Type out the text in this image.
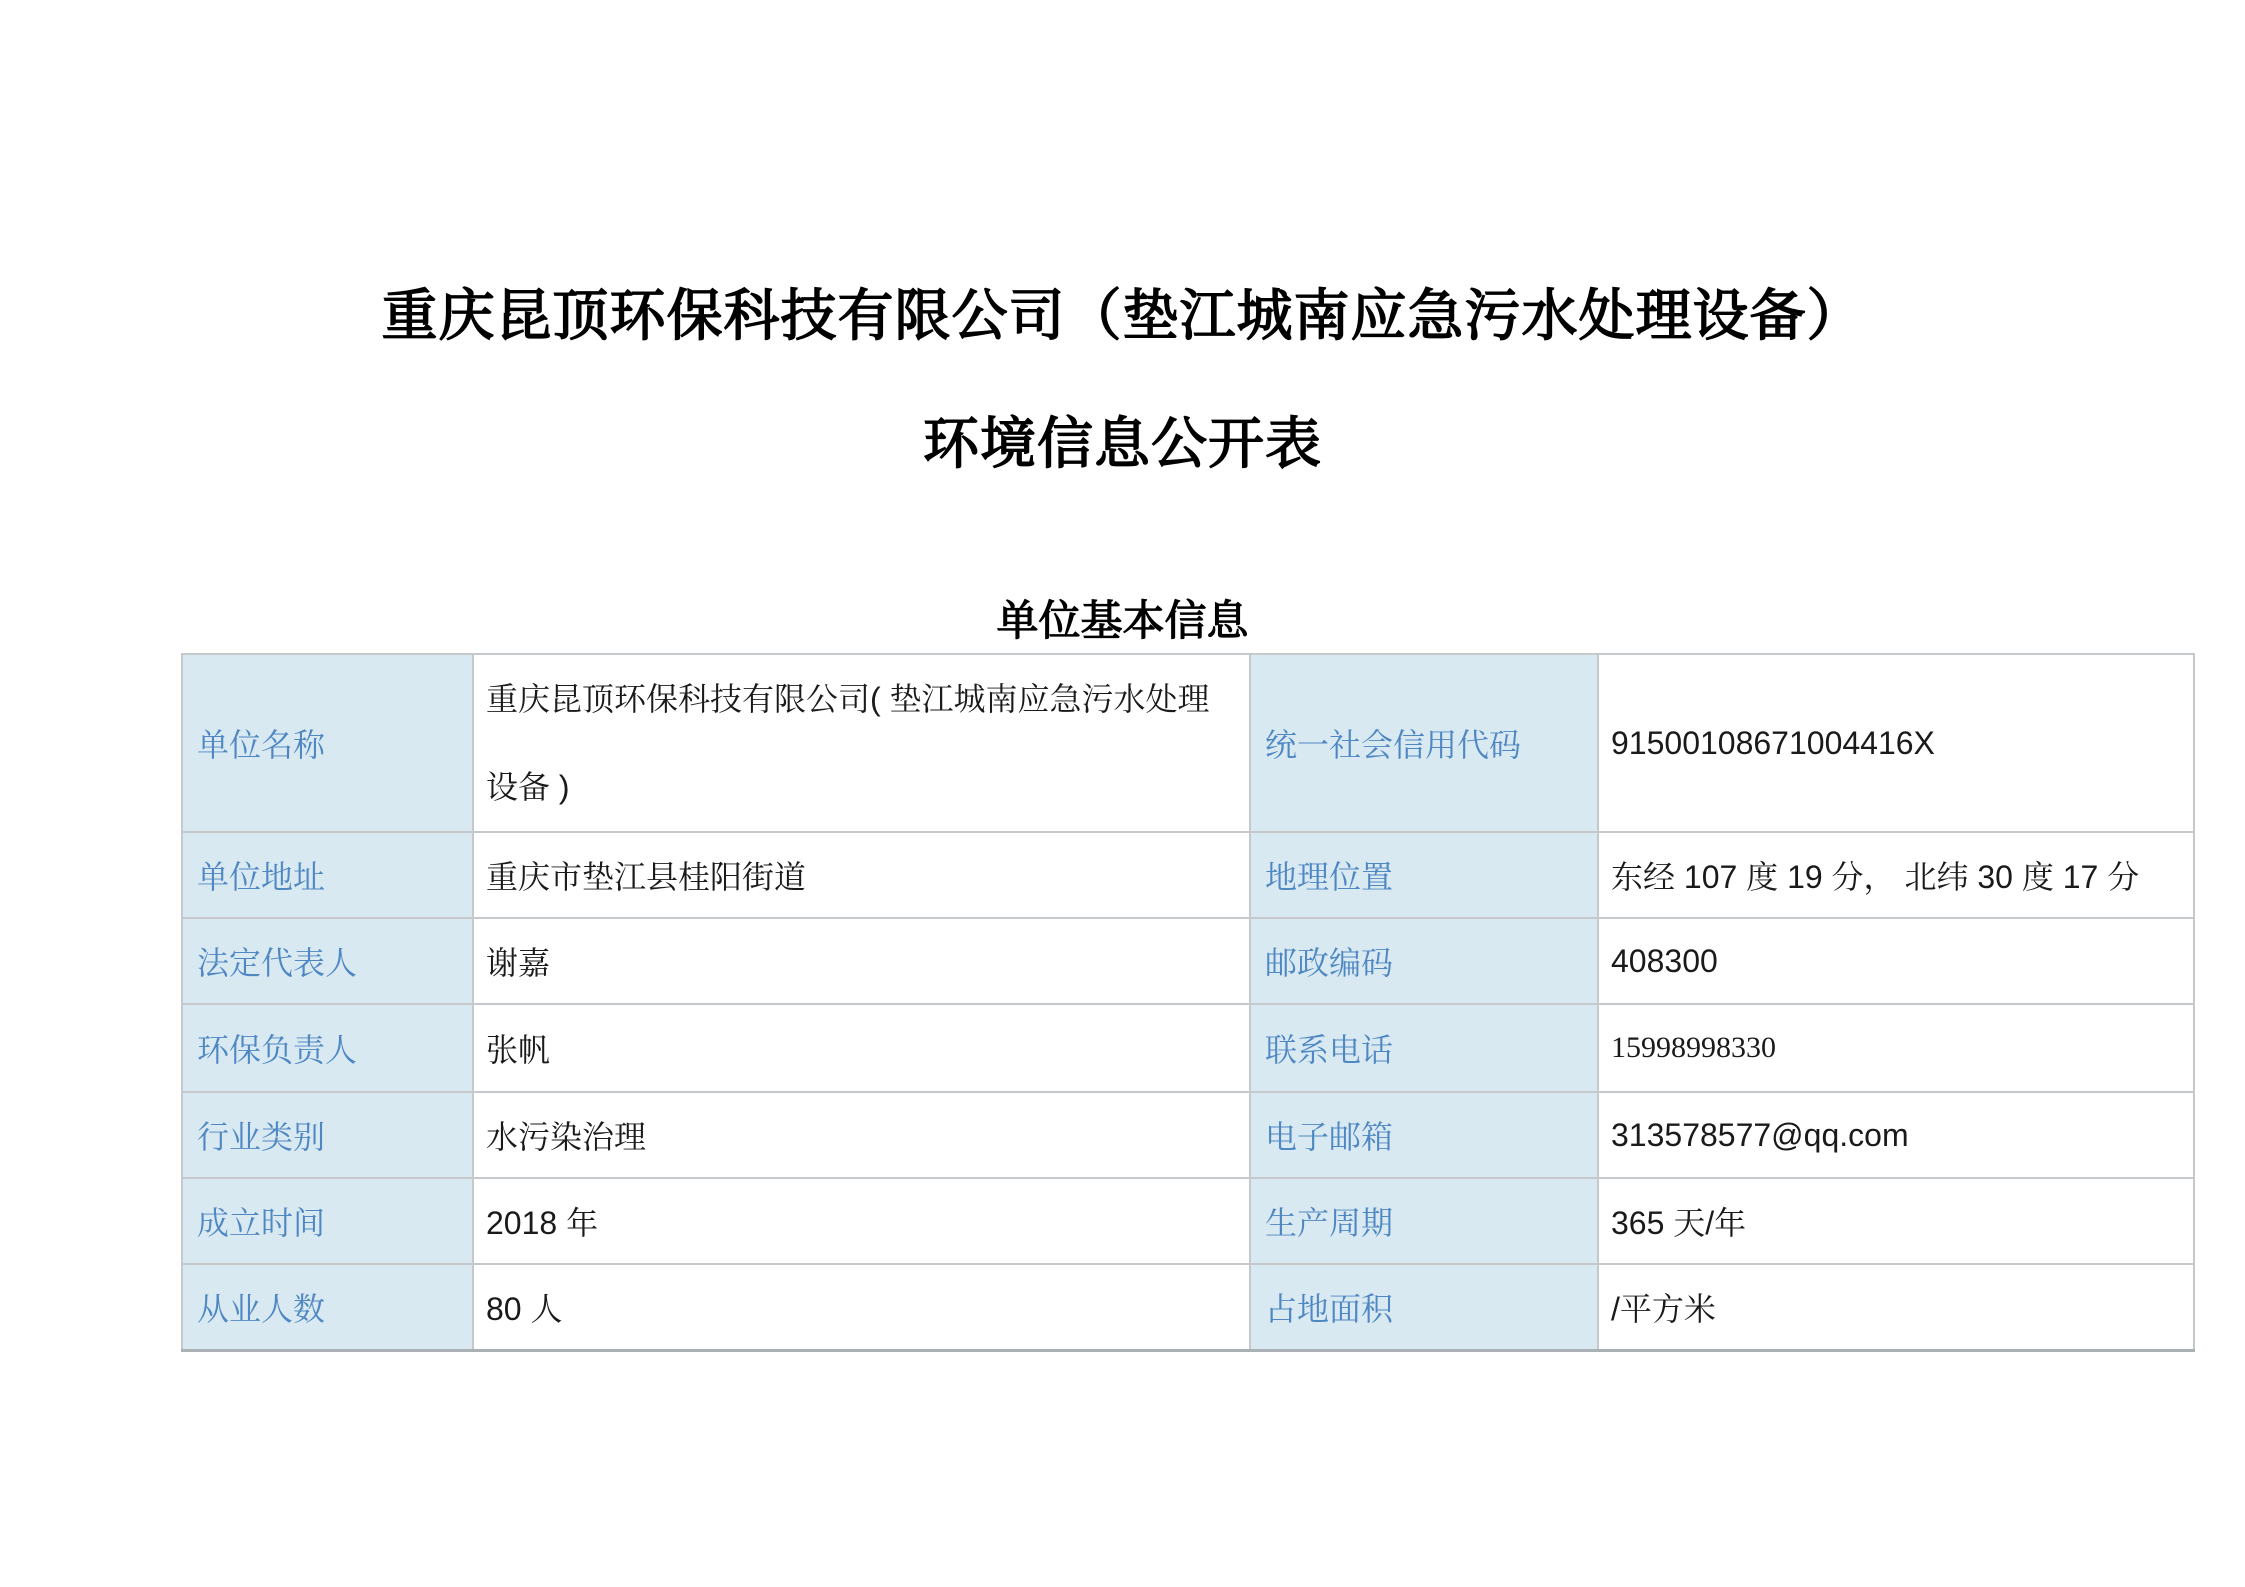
重庆昆顶环保科技有限公司（垫江城南应急污水处理设备）
环境信息公开表
单位基本信息
单位名称	重庆昆顶环保科技有限公司( 垫江城南应急污水处理设备 )	统一社会信用代码	91500108671004416X
单位地址	重庆市垫江县桂阳街道	地理位置	东经 107 度 19 分， 北纬 30 度 17 分
法定代表人	谢嘉	邮政编码	408300
环保负责人	张帆	联系电话	15998998330
行业类别	水污染治理	电子邮箱	313578577@qq.com
成立时间	2018 年	生产周期	365 天/年
从业人数	80 人	占地面积	/平方米
